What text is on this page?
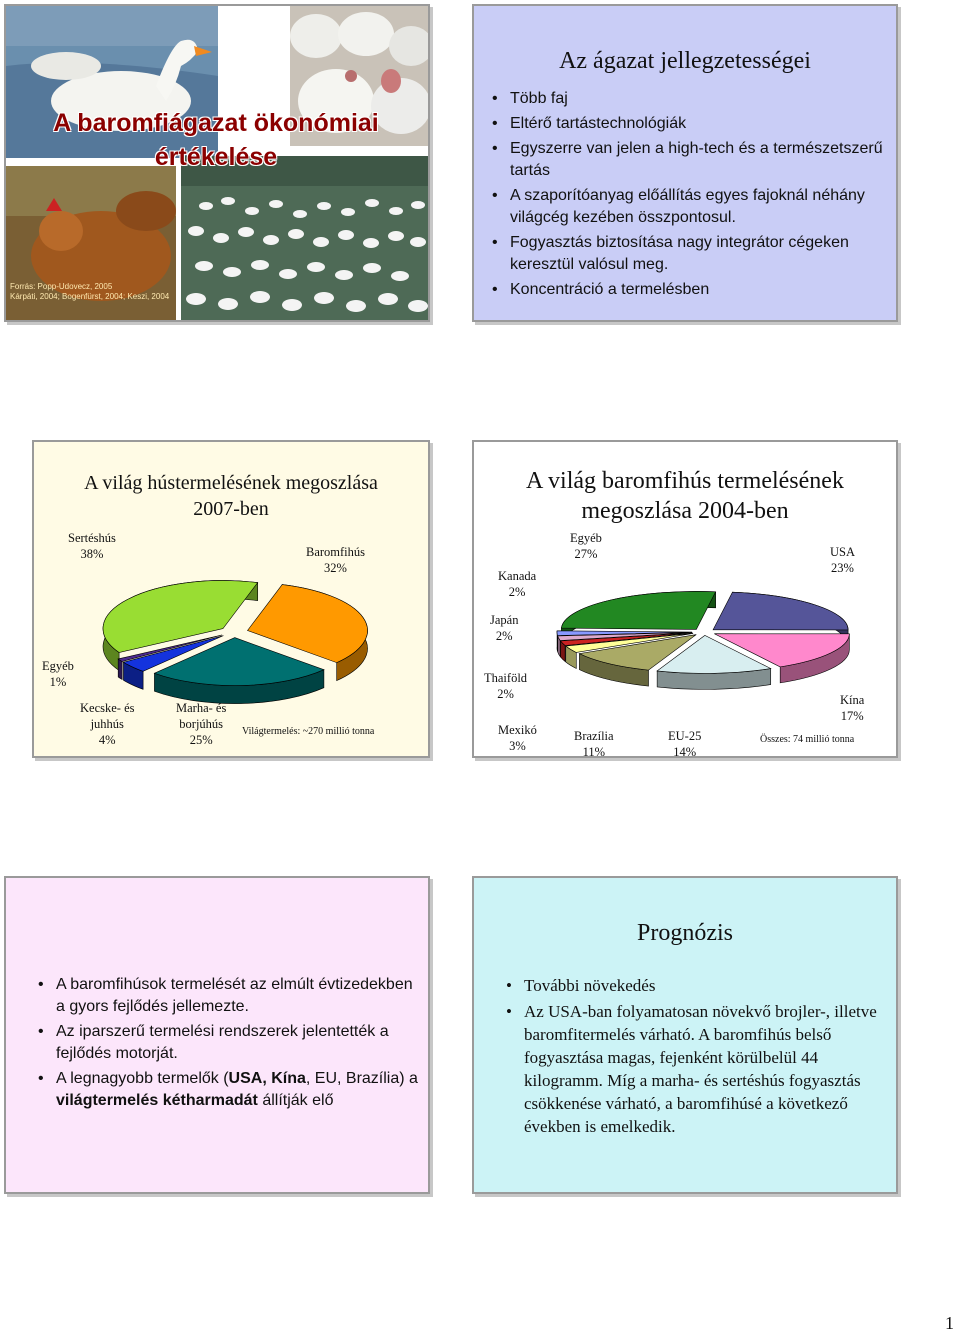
A baromfiágazat ökonómiai
értékelése
Forrás: Popp-Udovecz, 2005
Kárpáti, 2004; Bogenfürst, 2004; Keszi, 2004
Az ágazat jellegzetességei
• Több faj
• Eltérő tartástechnológiák
• Egyszerre van jelen a high-tech és a természetszerű tartás
• A szaporítóanyag előállítás egyes fajoknál néhány világcég kezében összpontosul.
• Fogyasztás biztosítása nagy integrátor cégeken keresztül valósul meg.
• Koncentráció a termelésben
A világ hústermelésének megoszlása
2007-ben
Sertéshús
38%	Baromfihús
32%
Egyéb
1%
Kecske- és
juhhús
4%
Marha- és
borjúhús
25%
Világtermelés: ~270 millió tonna
A világ baromfihús termelésének
megoszlása 2004-ben
Egyéb
27%	USA
23%
Kanada
2%
Japán
2%
Thaiföld
2%
Mexikó
3%
Brazília
11%
EU-25
14%
Kína
17%
Összes: 74 millió tonna
• A baromfihúsok termelését az elmúlt évtizedekben a gyors fejlődés jellemezte.
• Az iparszerű termelési rendszerek jelentették a fejlődés motorját.
• A legnagyobb termelők (USA, Kína, EU, Brazília) a világtermelés kétharmadát állítják elő
Prognózis
• További növekedés
• Az USA-ban folyamatosan növekvő brojler-, illetve baromfitermelés várható. A baromfihús belső fogyasztása magas, fejenként körülbelül 44 kilogramm. Míg a marha- és sertéshús fogyasztás csökkenése várható, a baromfihúsé a következő években is emelkedik.
1
